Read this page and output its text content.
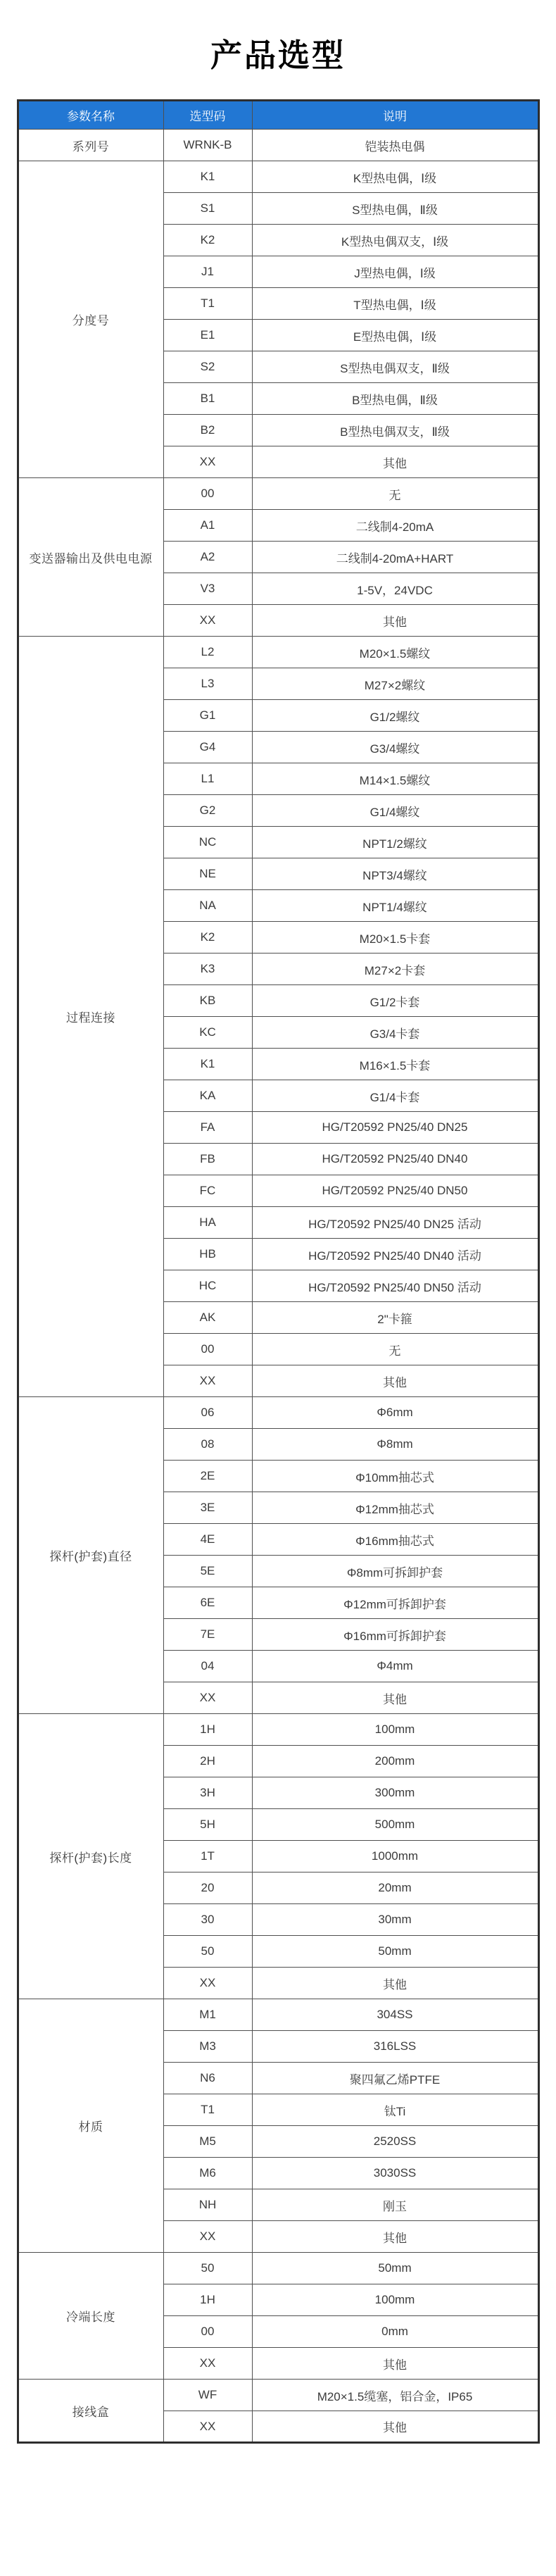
产品选型
参数名称	选型码	说明
系列号	WRNK-B	铠装热电偶
分度号	K1	K型热电偶，Ⅰ级
	S1	S型热电偶，Ⅱ级
	K2	K型热电偶双支，Ⅰ级
	J1	J型热电偶，Ⅰ级
	T1	T型热电偶，Ⅰ级
	E1	E型热电偶，Ⅰ级
	S2	S型热电偶双支，Ⅱ级
	B1	B型热电偶，Ⅱ级
	B2	B型热电偶双支，Ⅱ级
	XX	其他
变送器输出及供电电源	00	无
	A1	二线制4-20mA
	A2	二线制4-20mA+HART
	V3	1-5V，24VDC
	XX	其他
过程连接	L2	M20×1.5螺纹
	L3	M27×2螺纹
	G1	G1/2螺纹
	G4	G3/4螺纹
	L1	M14×1.5螺纹
	G2	G1/4螺纹
	NC	NPT1/2螺纹
	NE	NPT3/4螺纹
	NA	NPT1/4螺纹
	K2	M20×1.5卡套
	K3	M27×2卡套
	KB	G1/2卡套
	KC	G3/4卡套
	K1	M16×1.5卡套
	KA	G1/4卡套
	FA	HG/T20592 PN25/40 DN25
	FB	HG/T20592 PN25/40 DN40
	FC	HG/T20592 PN25/40 DN50
	HA	HG/T20592 PN25/40 DN25 活动
	HB	HG/T20592 PN25/40 DN40 活动
	HC	HG/T20592 PN25/40 DN50 活动
	AK	2"卡箍
	00	无
	XX	其他
探杆(护套)直径	06	Φ6mm
	08	Φ8mm
	2E	Φ10mm抽芯式
	3E	Φ12mm抽芯式
	4E	Φ16mm抽芯式
	5E	Φ8mm可拆卸护套
	6E	Φ12mm可拆卸护套
	7E	Φ16mm可拆卸护套
	04	Φ4mm
	XX	其他
探杆(护套)长度	1H	100mm
	2H	200mm
	3H	300mm
	5H	500mm
	1T	1000mm
	20	20mm
	30	30mm
	50	50mm
	XX	其他
材质	M1	304SS
	M3	316LSS
	N6	聚四氟乙烯PTFE
	T1	钛Ti
	M5	2520SS
	M6	3030SS
	NH	刚玉
	XX	其他
冷端长度	50	50mm
	1H	100mm
	00	0mm
	XX	其他
接线盒	WF	M20×1.5缆塞，铝合金，IP65
	XX	其他
